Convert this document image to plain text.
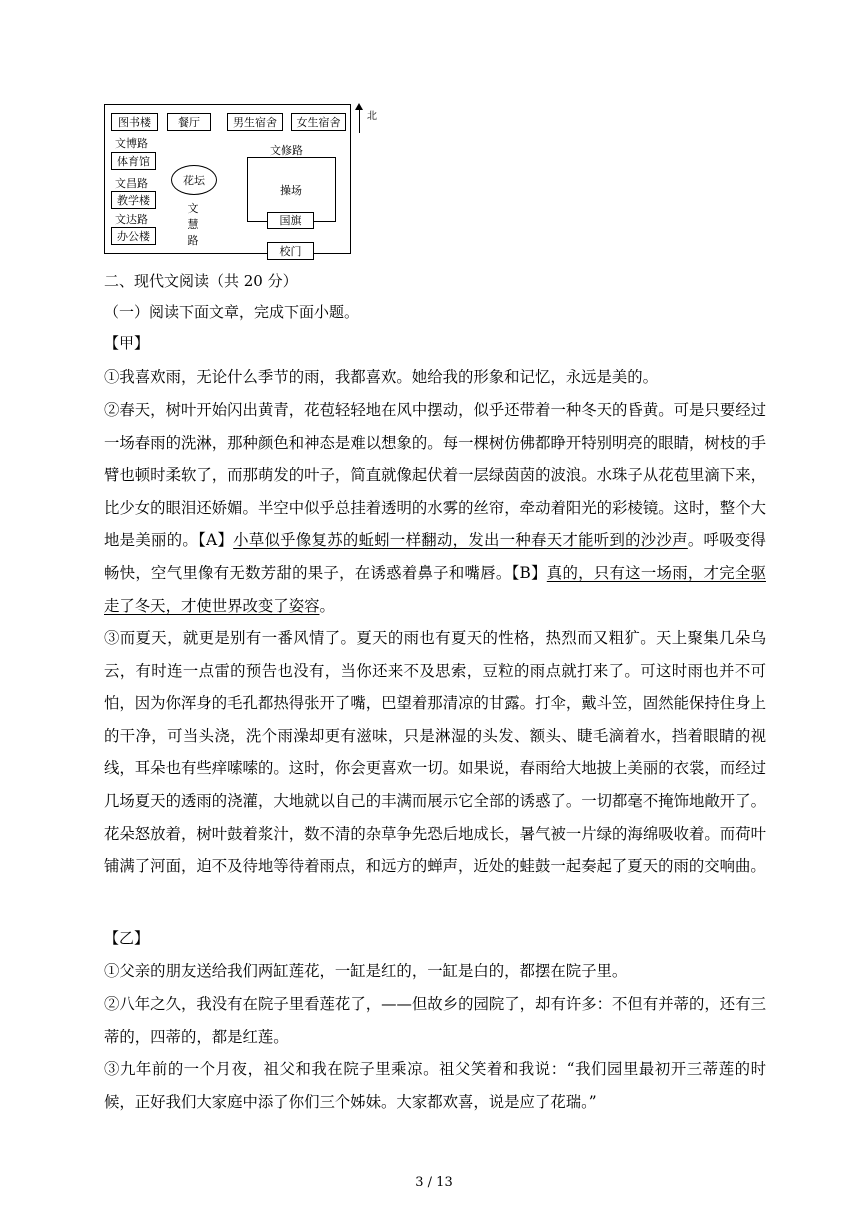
图书楼	餐厅	男生宿舍	女生宿舍
文博路
体育馆
文昌路
教学楼
文达路
办公楼
花坛
文
慧
路
文修路
操场
国旗
校门
北
二、现代文阅读（共 20 分）
（一）阅读下面文章，完成下面小题。
【甲】
①我喜欢雨，无论什么季节的雨，我都喜欢。她给我的形象和记忆，永远是美的。
②春天，树叶开始闪出黄青，花苞轻轻地在风中摆动，似乎还带着一种冬天的昏黄。可是只要经过一场春雨的洗淋，那种颜色和神态是难以想象的。每一棵树仿佛都睁开特别明亮的眼睛，树枝的手臂也顿时柔软了，而那萌发的叶子，简直就像起伏着一层绿茵茵的波浪。水珠子从花苞里滴下来，比少女的眼泪还娇媚。半空中似乎总挂着透明的水雾的丝帘，牵动着阳光的彩棱镜。这时，整个大地是美丽的。【A】小草似乎像复苏的蚯蚓一样翻动，发出一种春天才能听到的沙沙声。呼吸变得畅快，空气里像有无数芳甜的果子，在诱惑着鼻子和嘴唇。【B】真的，只有这一场雨，才完全驱走了冬天，才使世界改变了姿容。
③而夏天，就更是别有一番风情了。夏天的雨也有夏天的性格，热烈而又粗犷。天上聚集几朵乌云，有时连一点雷的预告也没有，当你还来不及思索，豆粒的雨点就打来了。可这时雨也并不可怕，因为你浑身的毛孔都热得张开了嘴，巴望着那清凉的甘露。打伞，戴斗笠，固然能保持住身上的干净，可当头浇，洗个雨澡却更有滋味，只是淋湿的头发、额头、睫毛滴着水，挡着眼睛的视线，耳朵也有些痒嗦嗦的。这时，你会更喜欢一切。如果说，春雨给大地披上美丽的衣裳，而经过几场夏天的透雨的浇灌，大地就以自己的丰满而展示它全部的诱惑了。一切都毫不掩饰地敞开了。花朵怒放着，树叶鼓着浆汁，数不清的杂草争先恐后地成长，暑气被一片绿的海绵吸收着。而荷叶铺满了河面，迫不及待地等待着雨点，和远方的蝉声，近处的蛙鼓一起奏起了夏天的雨的交响曲。
【乙】
①父亲的朋友送给我们两缸莲花，一缸是红的，一缸是白的，都摆在院子里。
②八年之久，我没有在院子里看莲花了，——但故乡的园院了，却有许多：不但有并蒂的，还有三蒂的，四蒂的，都是红莲。
③九年前的一个月夜，祖父和我在院子里乘凉。祖父笑着和我说：“我们园里最初开三蒂莲的时候，正好我们大家庭中添了你们三个姊妹。大家都欢喜，说是应了花瑞。”
3 / 13
